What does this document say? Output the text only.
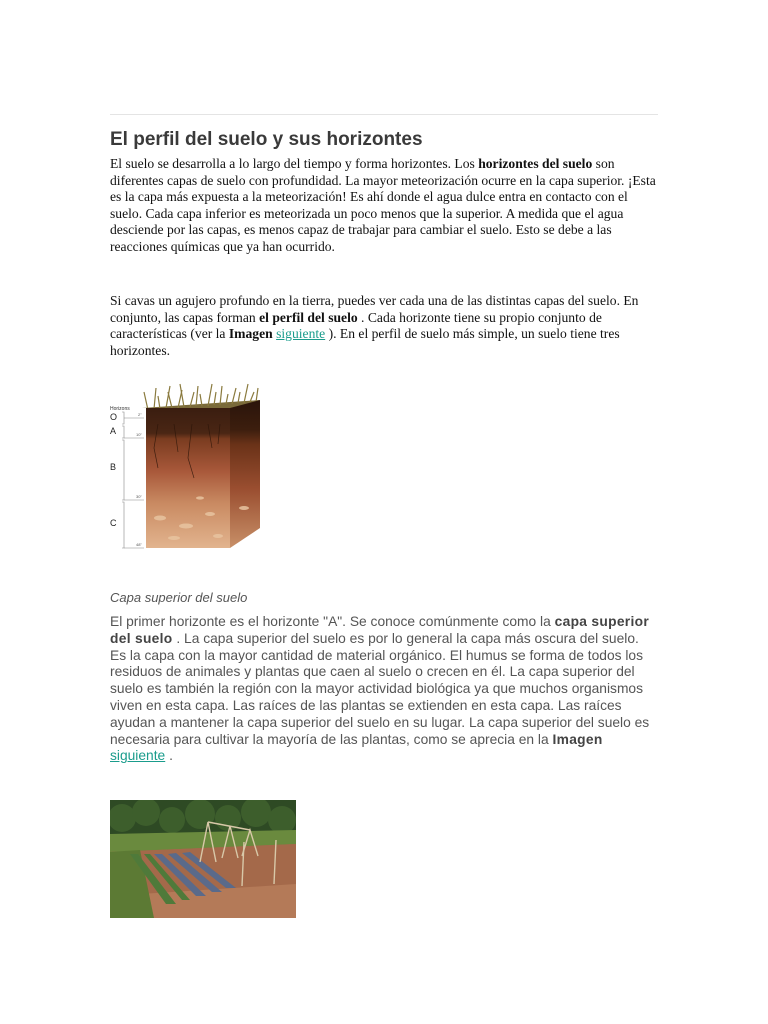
El perfil del suelo y sus horizontes

El suelo se desarrolla a lo largo del tiempo y forma horizontes. Los horizontes del suelo son diferentes capas de suelo con profundidad. La mayor meteorización ocurre en la capa superior. ¡Esta es la capa más expuesta a la meteorización! Es ahí donde el agua dulce entra en contacto con el suelo. Cada capa inferior es meteorizada un poco menos que la superior. A medida que el agua desciende por las capas, es menos capaz de trabajar para cambiar el suelo. Esto se debe a las reacciones químicas que ya han ocurrido.

Si cavas un agujero profundo en la tierra, puedes ver cada una de las distintas capas del suelo. En conjunto, las capas forman el perfil del suelo . Cada horizonte tiene su propio conjunto de características (ver la Imagen siguiente ). En el perfil de suelo más simple, un suelo tiene tres horizontes.

Horizons
O
A
B
C
2"
10"
30"
48"

Capa superior del suelo

El primer horizonte es el horizonte "A". Se conoce comúnmente como la capa superior del suelo . La capa superior del suelo es por lo general la capa más oscura del suelo. Es la capa con la mayor cantidad de material orgánico. El humus se forma de todos los residuos de animales y plantas que caen al suelo o crecen en él. La capa superior del suelo es también la región con la mayor actividad biológica ya que muchos organismos viven en esta capa. Las raíces de las plantas se extienden en esta capa. Las raíces ayudan a mantener la capa superior del suelo en su lugar. La capa superior del suelo es necesaria para cultivar la mayoría de las plantas, como se aprecia en la Imagen siguiente .
